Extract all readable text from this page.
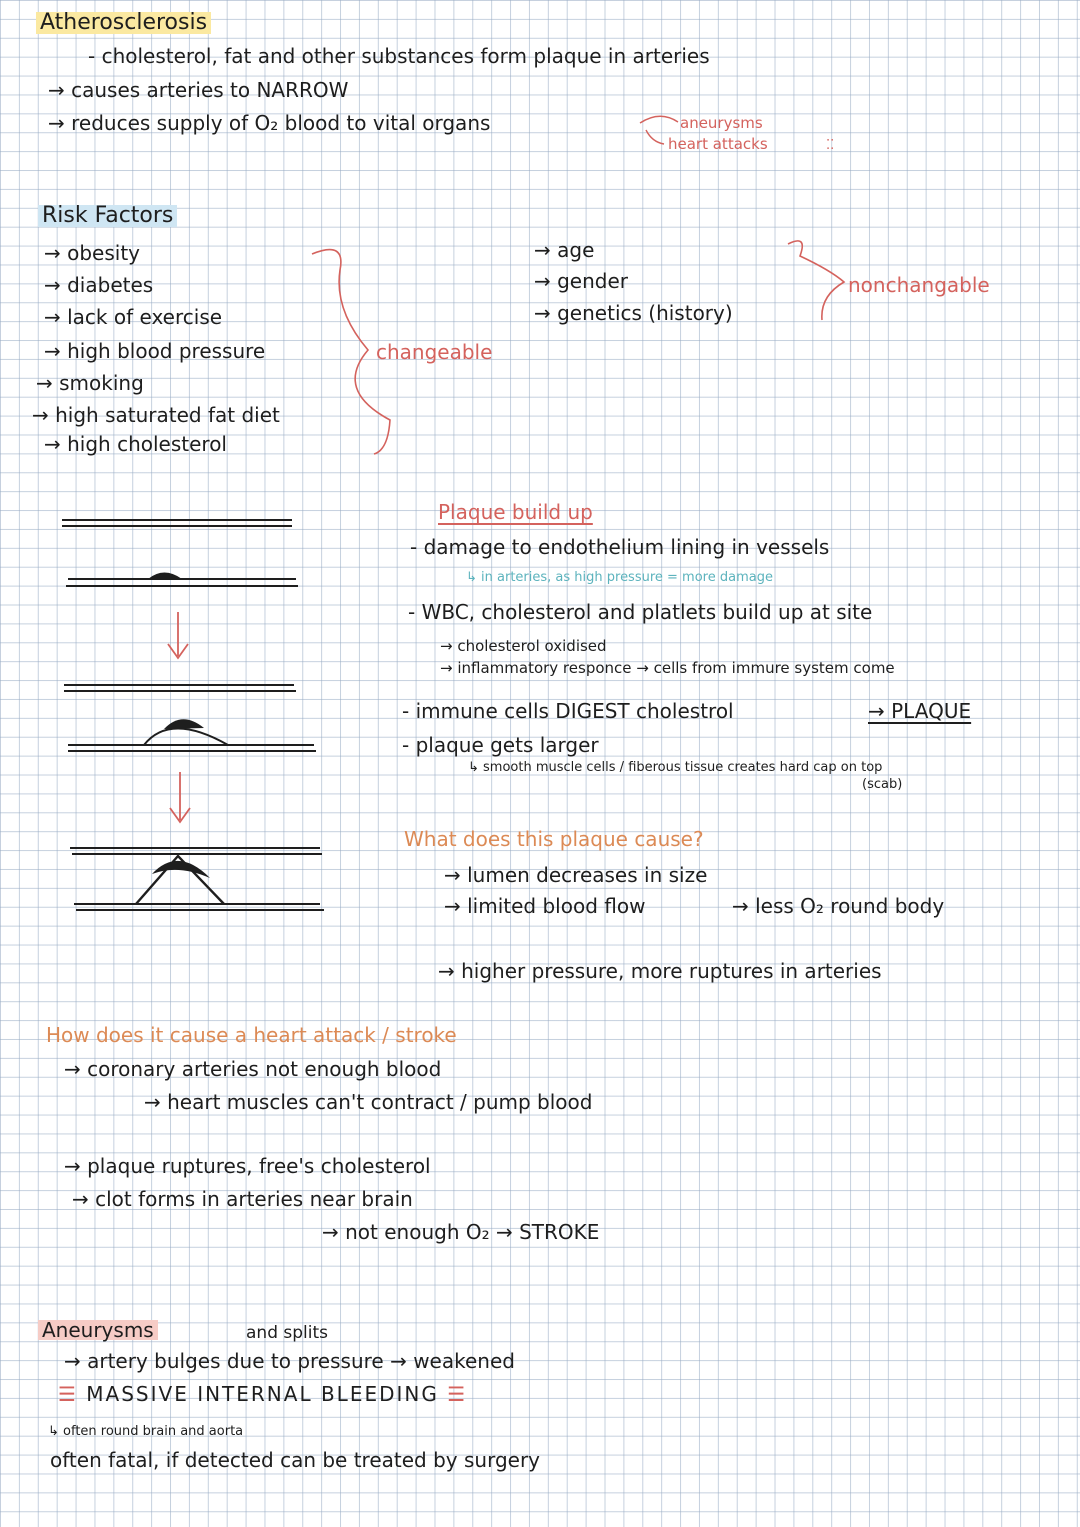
Atherosclerosis
- cholesterol, fat and other substances form plaque in arteries
→ causes arteries to NARROW
→ reduces supply of O₂ blood to vital organs	aneurysms
heart attacks	⁚⁚
Risk Factors
→ obesity
→ diabetes
→ lack of exercise
→ high blood pressure
→ smoking
→ high saturated fat diet
→ high cholesterol
changeable
→ age
→ gender
→ genetics (history)
nonchangable
Plaque build up
- damage to endothelium lining in vessels
↳ in arteries, as high pressure = more damage
- WBC, cholesterol and platlets build up at site
→ cholesterol oxidised
→ inflammatory responce → cells from immure system come
- immune cells DIGEST cholestrol	→ PLAQUE
- plaque gets larger
↳ smooth muscle cells / fiberous tissue creates hard cap on top
(scab)
What does this plaque cause?
→ lumen decreases in size
→ limited blood flow	→ less O₂ round body
→ higher pressure, more ruptures in arteries
How does it cause a heart attack / stroke
→ coronary arteries not enough blood
→ heart muscles can't contract / pump blood
→ plaque ruptures, free's cholesterol
→ clot forms in arteries near brain
→ not enough O₂ → STROKE
Aneurysms	and splits
→ artery bulges due to pressure → weakened
☰ MASSIVE INTERNAL BLEEDING ☰
↳ often round brain and aorta
often fatal, if detected can be treated by surgery
